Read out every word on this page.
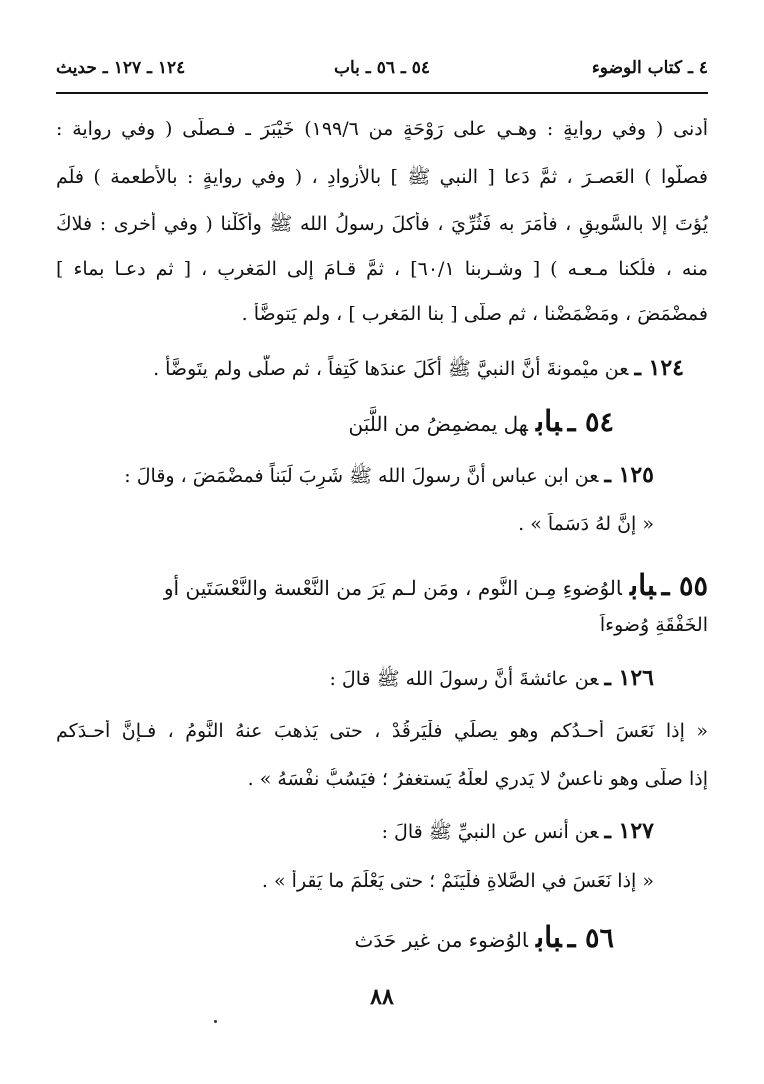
٤ ـ كتاب الوضوء
٥٤ ـ ٥٦ ـ باب
١٢٤ ـ ١٢٧ ـ حديث
أدنى ( وفي روايةٍ : وهـي على رَوْحَةٍ من ١٩٩/٦) خَيْبَرَ ـ فـصلّى ( وفي رواية :
فصلَّوا ) العَصـرَ ، ثمَّ دَعا [ النبي ﷺ ] بالأزوادِ ، ( وفي روايةٍ : بالأطعمة ) فلَم
يُؤتَ إلا بالسَّويقِ ، فأمَرَ به فَثُرِّيَ ، فأكلَ رسولُ الله ﷺ وأكَلْنا ( وفي أُخرى : فلاكَ
منه ، فلُكنا مـعـه ) [ وشـربنا ٦٠/١] ، ثمَّ قـامَ إلى المَغربِ ، [ ثم دعـا بماء ]
فمضْمَضَ ، ومَضْمَضْنا ، ثم صلّى [ بنا المَغرب ] ، ولم يَتوضَّأْ .
١٢٤ ـعن ميْمونةَ أنَّ النبيَّ ﷺ أكَلَ عندَها كَتِفاً ، ثم صلَّى ولم يتَوضَّأْ .
٥٤ ـبابهل يمضمِضُ من اللَّبَن
١٢٥ ـعن ابن عباس أنَّ رسولَ الله ﷺ شَرِبَ لَبَناً فمضْمَضَ ، وقالَ :
« إنَّ لهُ دَسَماً » .
٥٥ ـبابالوُضوءِ مِـن النَّوم ، ومَن لـم يَرَ من النَّعْسة والنَّعْسَتَين أو
الخَفْقَةِ وُضوءاً
١٢٦ ـعن عائشةَ أنَّ رسولَ الله ﷺ قالَ :
« إذا نَعَسَ أحـدُكم وهو يصلِّي فلْيَرقُدْ ، حتى يَذهبَ عنهُ النَّومُ ، فـإنَّ أحـدَكم
إذا صلَّى وهو ناعسٌ لا يَدري لعلَّهُ يَستغفرُ ؛ فيَسُبُّ نفْسَهُ » .
١٢٧ ـعن أَنس عن النبيِّ ﷺ قالَ :
« إذا نَعَسَ في الصَّلاةِ فلْيَنَمْ ؛ حتى يَعْلَمَ ما يَقرأُ » .
٥٦ ـبابالوُضوء من غير حَدَث
٨٨
